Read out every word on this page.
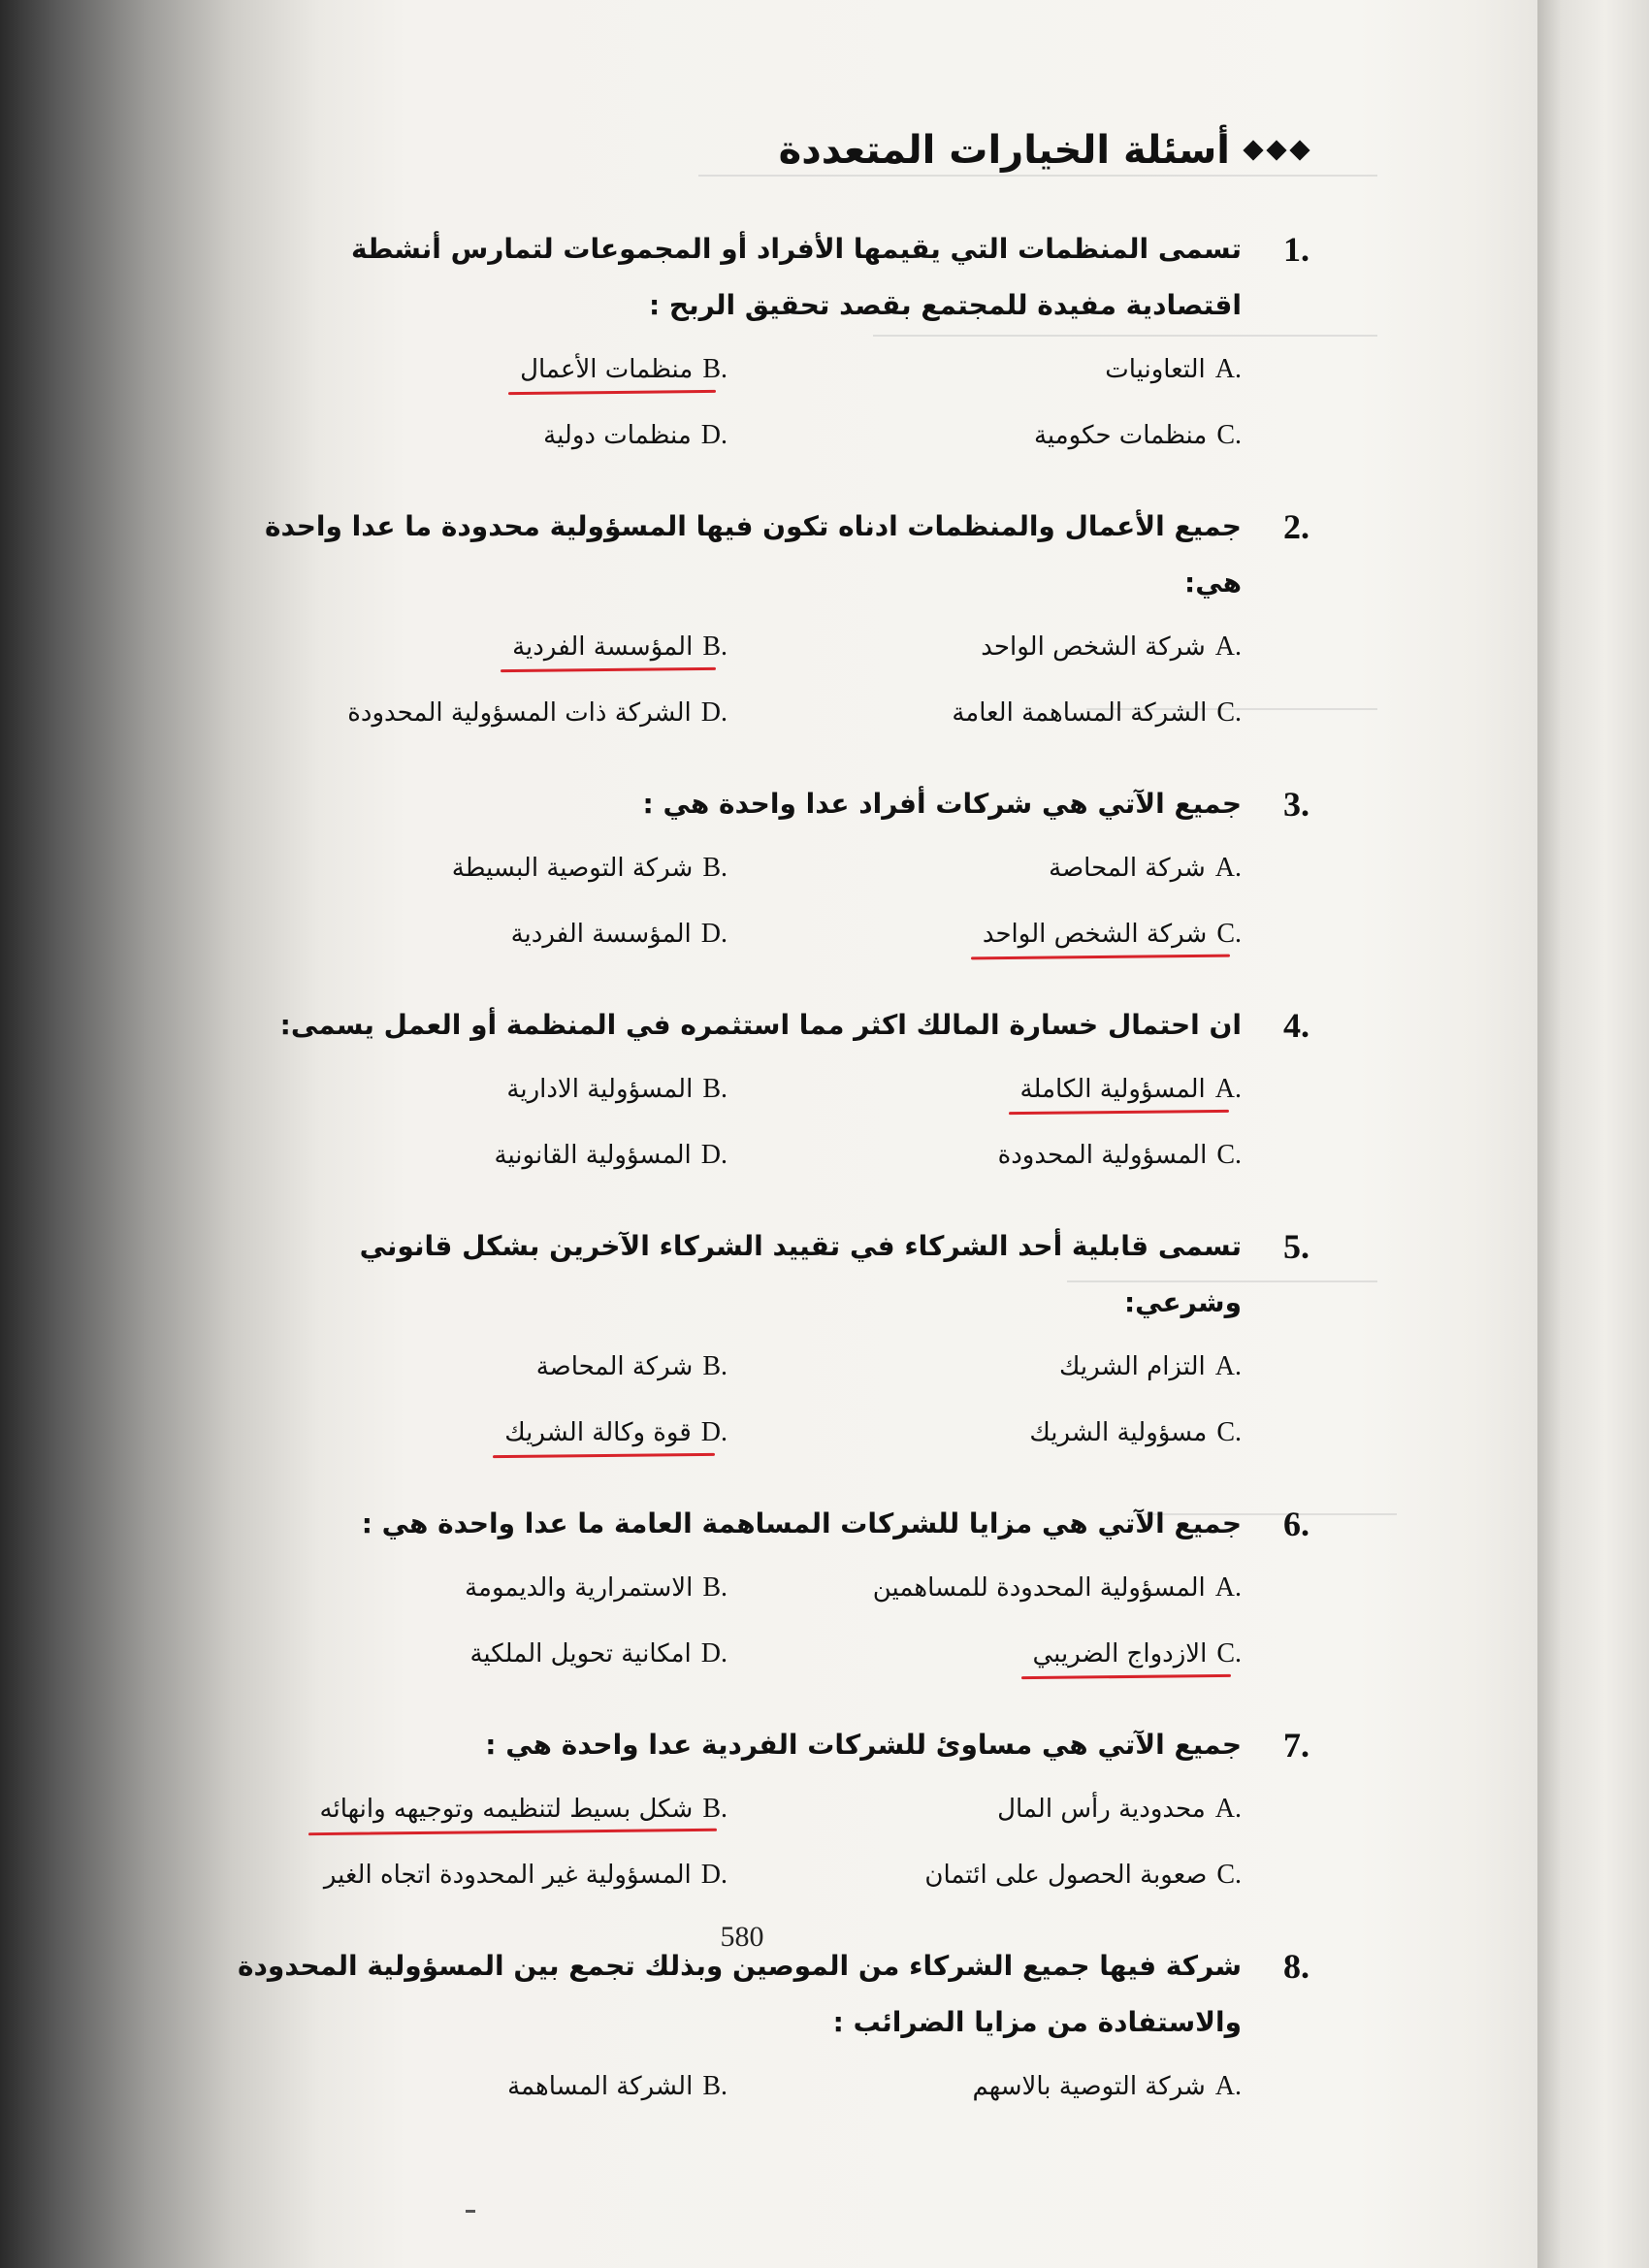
أسئلة الخيارات المتعددة
1.
تسمى المنظمات التي يقيمها الأفراد أو المجموعات لتمارس أنشطة اقتصادية مفيدة للمجتمع بقصد تحقيق الربح :
A.
التعاونيات
B.
منظمات الأعمال
C.
منظمات حكومية
D.
منظمات دولية
2.
جميع الأعمال والمنظمات ادناه تكون فيها المسؤولية محدودة ما عدا واحدة هي:
A.
شركة الشخص الواحد
B.
المؤسسة الفردية
C.
الشركة المساهمة العامة
D.
الشركة ذات المسؤولية المحدودة
3.
جميع الآتي هي شركات أفراد عدا واحدة هي :
A.
شركة المحاصة
B.
شركة التوصية البسيطة
C.
شركة الشخص الواحد
D.
المؤسسة الفردية
4.
ان احتمال خسارة المالك اكثر مما استثمره في المنظمة أو العمل يسمى:
A.
المسؤولية الكاملة
B.
المسؤولية الادارية
C.
المسؤولية المحدودة
D.
المسؤولية القانونية
5.
تسمى قابلية أحد الشركاء في تقييد الشركاء الآخرين بشكل قانوني وشرعي:
A.
التزام الشريك
B.
شركة المحاصة
C.
مسؤولية الشريك
D.
قوة وكالة الشريك
6.
جميع الآتي هي مزايا للشركات المساهمة العامة ما عدا واحدة هي :
A.
المسؤولية المحدودة للمساهمين
B.
الاستمرارية والديمومة
C.
الازدواج الضريبي
D.
امكانية تحويل الملكية
7.
جميع الآتي هي مساوئ للشركات الفردية عدا واحدة هي :
A.
محدودية رأس المال
B.
شكل بسيط لتنظيمه وتوجيهه وانهائه
C.
صعوبة الحصول على ائتمان
D.
المسؤولية غير المحدودة اتجاه الغير
8.
شركة فيها جميع الشركاء من الموصين وبذلك تجمع بين المسؤولية المحدودة والاستفادة من مزايا الضرائب :
A.
شركة التوصية بالاسهم
B.
الشركة المساهمة
580
